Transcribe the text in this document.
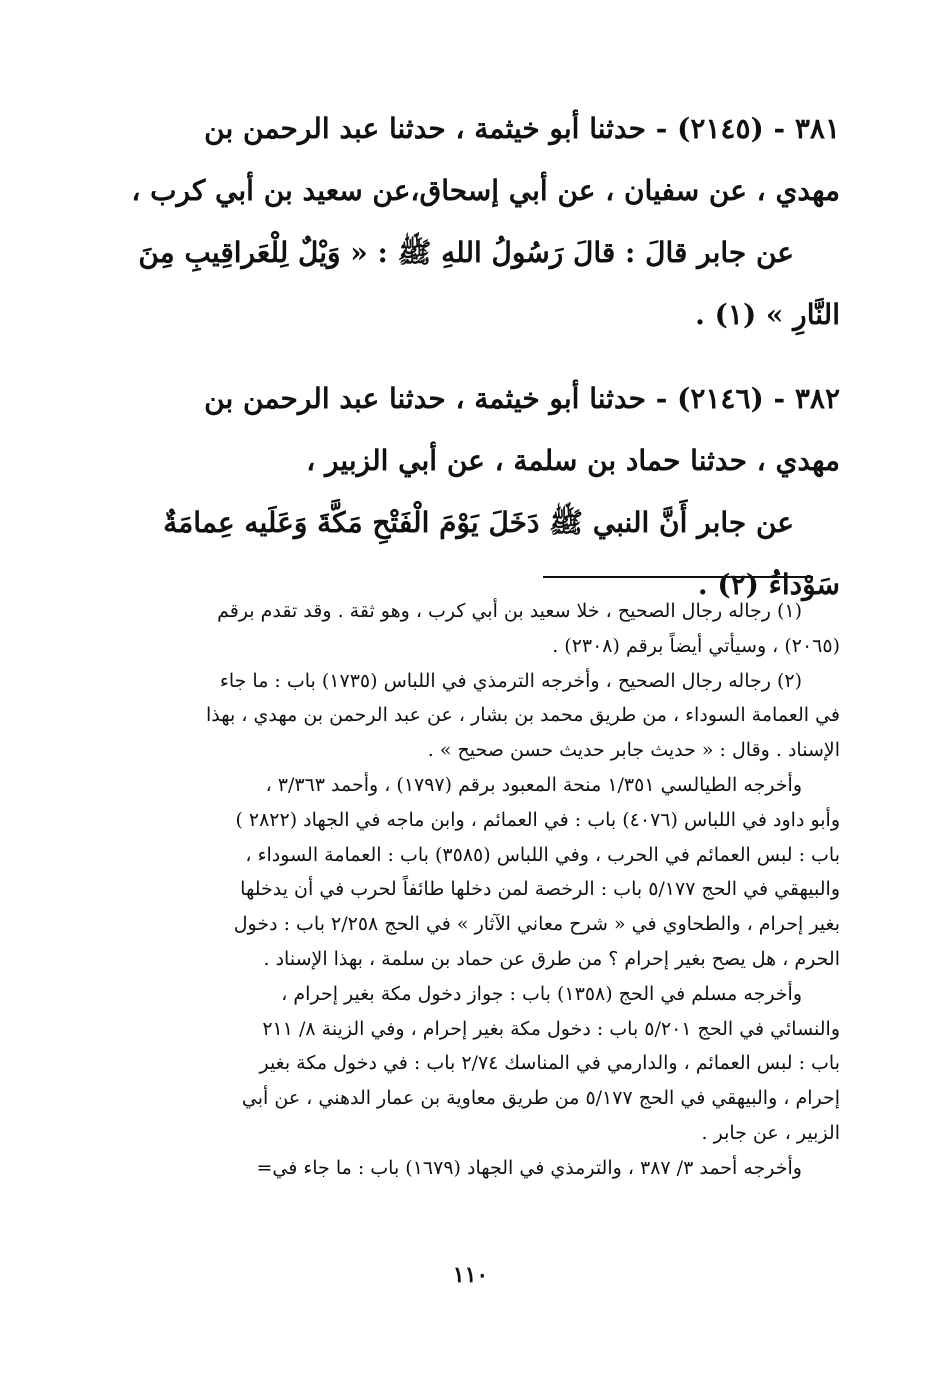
٣٨١ - (٢١٤٥) - حدثنا أبو خيثمة ، حدثنا عبد الرحمن بن
مهدي ، عن سفيان ، عن أبي إسحاق،عن سعيد بن أبي كرب ،
عن جابر قالَ : قالَ رَسُولُ اللهِ ﷺ : « وَيْلٌ لِلْعَراقِيبِ مِنَ
النَّارِ » (١) .
٣٨٢ - (٢١٤٦) - حدثنا أبو خيثمة ، حدثنا عبد الرحمن بن
مهدي ، حدثنا حماد بن سلمة ، عن أبي الزبير ،
عن جابر أَنَّ النبي ﷺ دَخَلَ يَوْمَ الْفَتْحِ مَكَّةَ وَعَلَيه عِمامَةٌ
سَوْداءُ (٢) .
(١) رجاله رجال الصحيح ، خلا سعيد بن أبي كرب ، وهو ثقة . وقد تقدم برقم
(٢٠٦٥) ، وسيأتي أيضاً برقم (٢٣٠٨) .
(٢) رجاله رجال الصحيح ، وأخرجه الترمذي في اللباس (١٧٣٥) باب : ما جاء
في العمامة السوداء ، من طريق محمد بن بشار ، عن عبد الرحمن بن مهدي ، بهذا
الإسناد . وقال : « حديث جابر حديث حسن صحيح » .
وأخرجه الطيالسي ١/٣٥١ منحة المعبود برقم (١٧٩٧) ، وأحمد ٣/٣٦٣ ،
وأبو داود في اللباس (٤٠٧٦) باب : في العمائم ، وابن ماجه في الجهاد (٢٨٢٢ )
باب : لبس العمائم في الحرب ، وفي اللباس (٣٥٨٥) باب : العمامة السوداء ،
والبيهقي في الحج ٥/١٧٧ باب : الرخصة لمن دخلها طائفاً لحرب في أن يدخلها
بغير إحرام ، والطحاوي في « شرح معاني الآثار » في الحج ٢/٢٥٨ باب : دخول
الحرم ، هل يصح بغير إحرام ؟ من طرق عن حماد بن سلمة ، بهذا الإسناد .
وأخرجه مسلم في الحج (١٣٥٨) باب : جواز دخول مكة بغير إحرام ،
والنسائي في الحج ٥/٢٠١ باب : دخول مكة بغير إحرام ، وفي الزينة ٨/ ٢١١
باب : لبس العمائم ، والدارمي في المناسك ٢/٧٤ باب : في دخول مكة بغير
إحرام ، والبيهقي في الحج ٥/١٧٧ من طريق معاوية بن عمار الدهني ، عن أبي
الزبير ، عن جابر .
وأخرجه أحمد ٣/ ٣٨٧ ، والترمذي في الجهاد (١٦٧٩) باب : ما جاء في=
١١٠
